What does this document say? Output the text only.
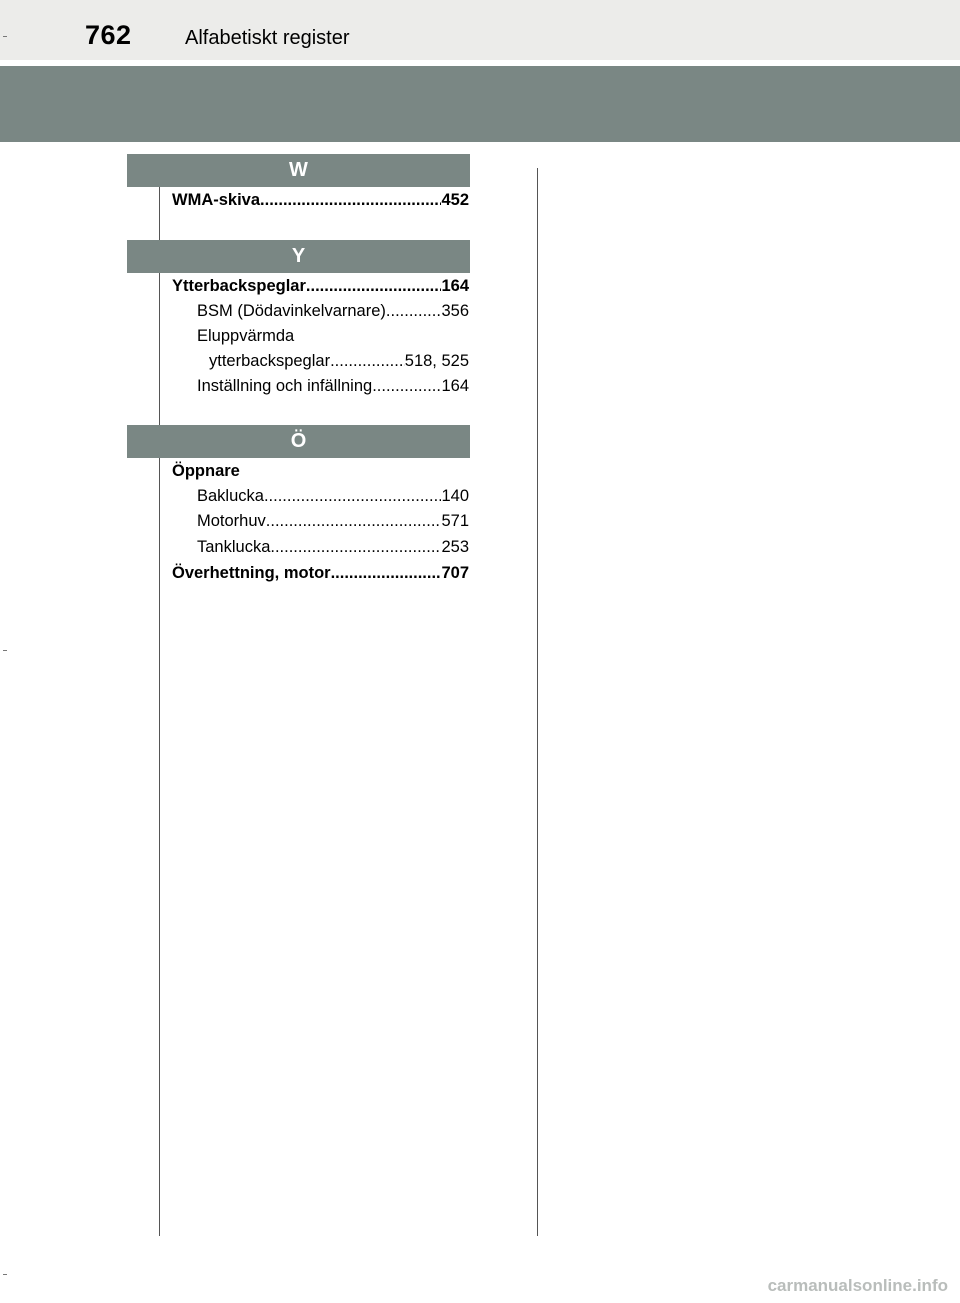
762	Alfabetiskt register
W
WMA-skiva .....	452
Y
Ytterbackspeglar .....	164
BSM (Dödavinkelvarnare) .....	356
Eluppvärmda
ytterbackspeglar .....	518, 525
Inställning och infällning .....	164
Ö
Öppnare
Baklucka .....	140
Motorhuv .....	571
Tanklucka .....	253
Överhettning, motor .....	707
carmanualsonline.info
